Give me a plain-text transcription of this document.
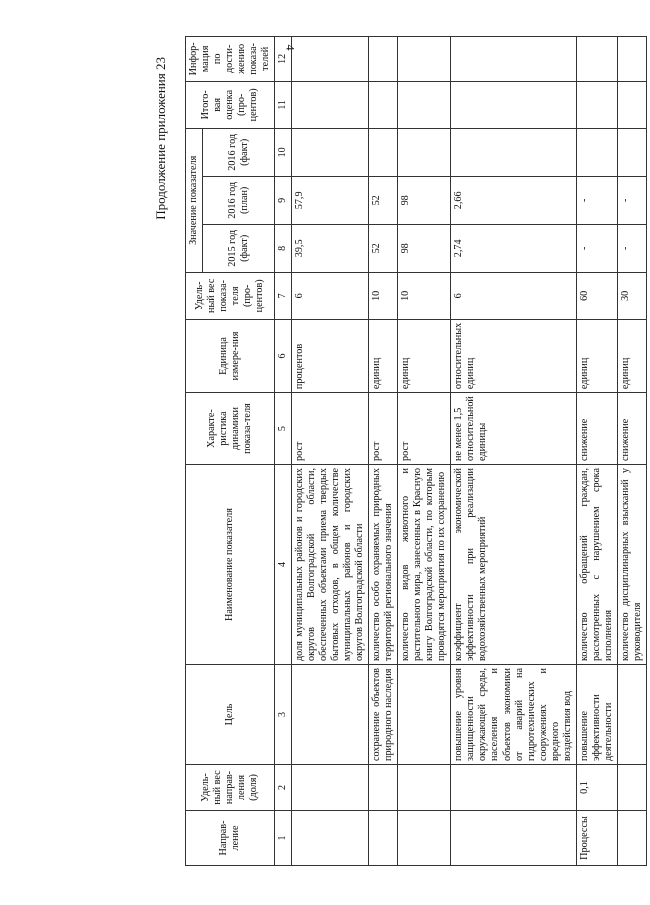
4
Продолжение приложения 23
Направ-ление	Удель-ный вес направ-ления (доля)	Цель	Наименование показателя	Характе-ристика динамики показа-теля	Единица измере-ния	Удель-ный вес показа-теля (про-центов)	Значение показателя			Итого-вая оценка (про-центов)	Инфор-мация по дости-жению показа-телей
							2015 год (факт)	2016 год (план)	2016 год (факт)		
1	2	3	4	5	6	7	8	9	10	11	12
			доля муниципальных районов и городских округов Волгоградской области, обеспеченных объектами приема твердых бытовых отходов, в общем количестве муниципальных районов и городских округов Волгоградской области	рост	процентов	6	39,5	57,9			
		сохранение объектов природного наследия	количество особо охраняемых природных территорий регионального значения	рост	единиц	10	52	52			
			количество видов животного и растительного мира, занесенных в Красную книгу Волгоградской области, по которым проводятся мероприятия по их сохранению	рост	единиц	10	98	98			
		повышение уровня защищенности окружающей среды, населения и объектов экономики от аварий на гидротехнических сооружениях и вредного воздействия вод	коэффициент экономической эффективности при реализации водохозяйственных мероприятий	не менее 1,5 относительной единицы	относительных единиц	6	2,74	2,66			
Процессы	0,1	повышение эффективности деятельности	количество обращений граждан, рассмотренных с нарушением срока исполнения	снижение	единиц	60	-	-			
			количество дисциплинарных взысканий у руководителя	снижение	единиц	30	-	-			
